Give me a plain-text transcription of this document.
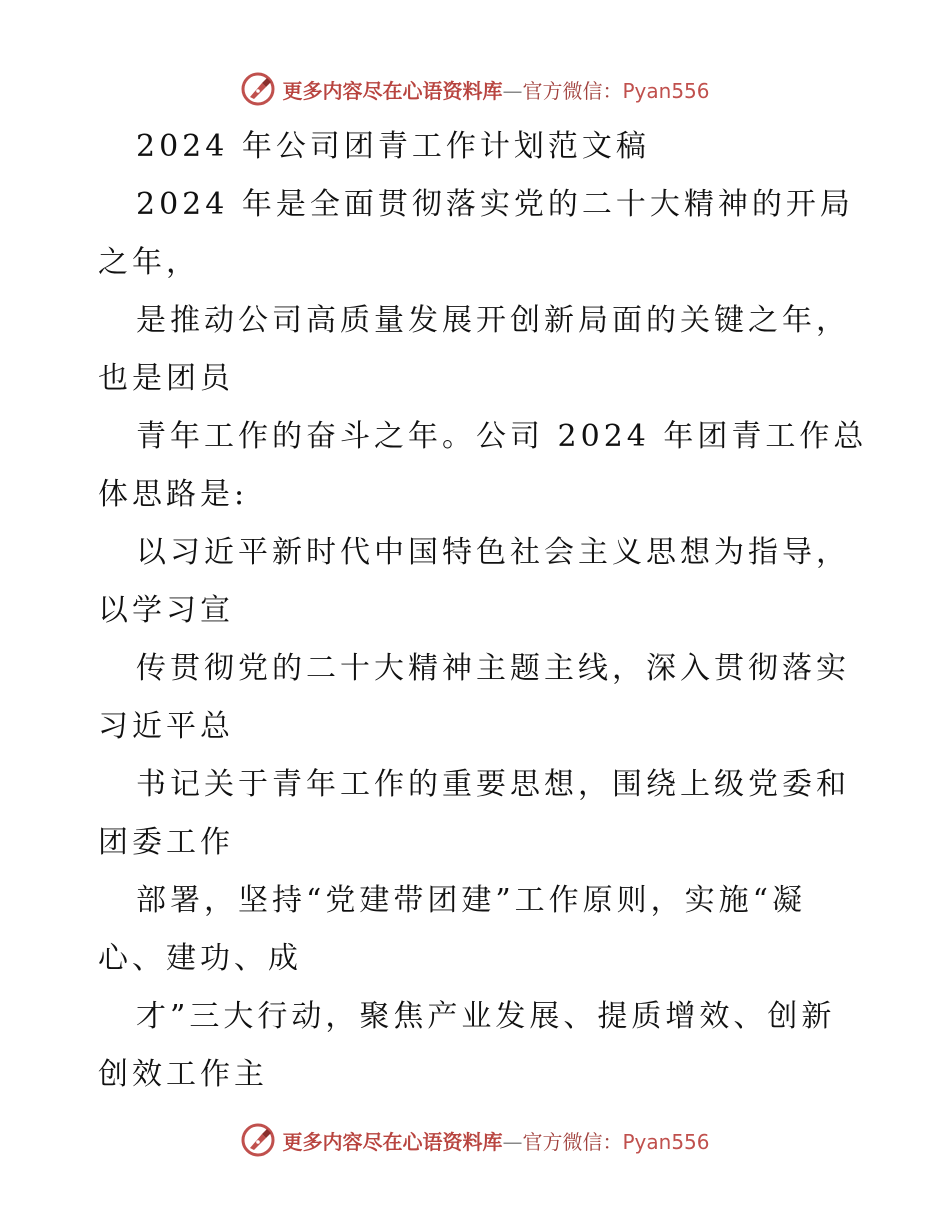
更多内容尽在心语资料库—官方微信：Pyan556
2024 年公司团青工作计划范文稿
2024 年是全面贯彻落实党的二十大精神的开局
之年，
是推动公司高质量发展开创新局面的关键之年，
也是团员
青年工作的奋斗之年。公司 2024 年团青工作总
体思路是:
以习近平新时代中国特色社会主义思想为指导，
以学习宣
传贯彻党的二十大精神主题主线，深入贯彻落实
习近平总
书记关于青年工作的重要思想，围绕上级党委和
团委工作
部署，坚持“党建带团建”工作原则，实施“凝
心、建功、成
才”三大行动，聚焦产业发展、提质增效、创新
创效工作主
更多内容尽在心语资料库—官方微信：Pyan556
